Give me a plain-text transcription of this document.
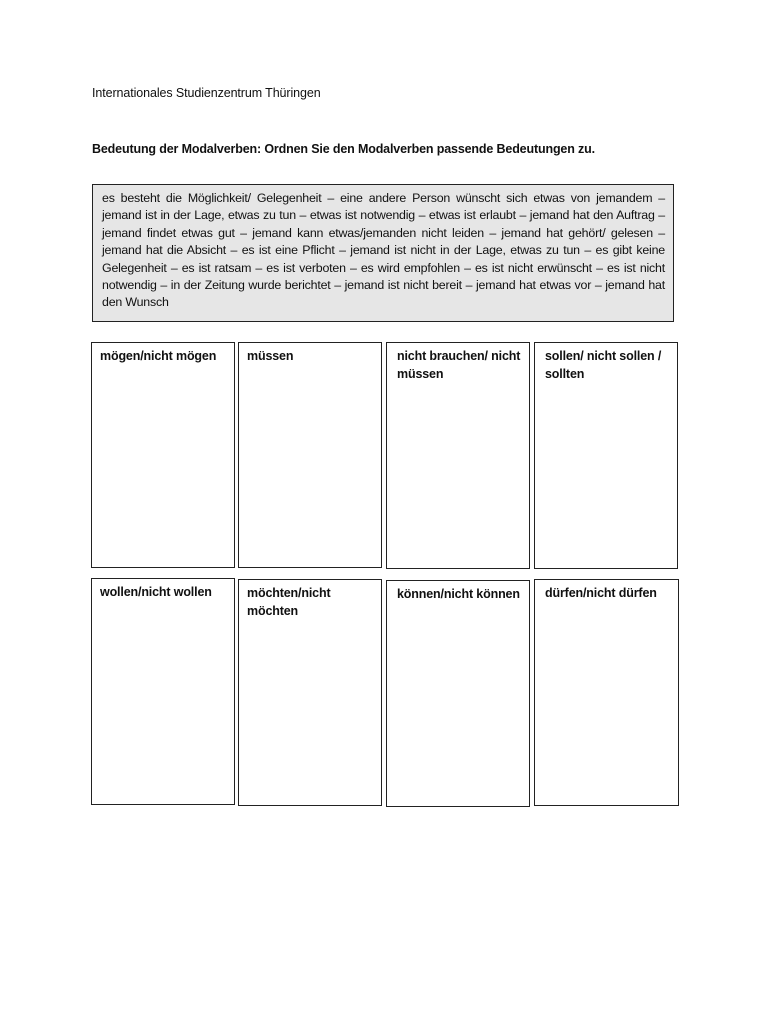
Internationales Studienzentrum Thüringen
Bedeutung der Modalverben: Ordnen Sie den Modalverben passende Bedeutungen zu.
es besteht die Möglichkeit/ Gelegenheit – eine andere Person wünscht sich etwas von jemandem – jemand ist in der Lage, etwas zu tun – etwas ist notwendig – etwas ist erlaubt – jemand hat den Auftrag – jemand findet etwas gut – jemand kann etwas/jemanden nicht leiden – jemand hat gehört/ gelesen – jemand hat die Absicht – es ist eine Pflicht – jemand ist nicht in der Lage, etwas zu tun – es gibt keine Gelegenheit – es ist ratsam – es ist verboten – es wird empfohlen – es ist nicht erwünscht – es ist nicht notwendig – in der Zeitung wurde berichtet – jemand ist nicht bereit – jemand hat etwas vor – jemand hat den Wunsch
mögen/nicht mögen	müssen	nicht brauchen/ nicht müssen
sollen/ nicht sollen / sollten
wollen/nicht wollen	möchten/nicht möchten
können/nicht können dürfen/nicht dürfen
